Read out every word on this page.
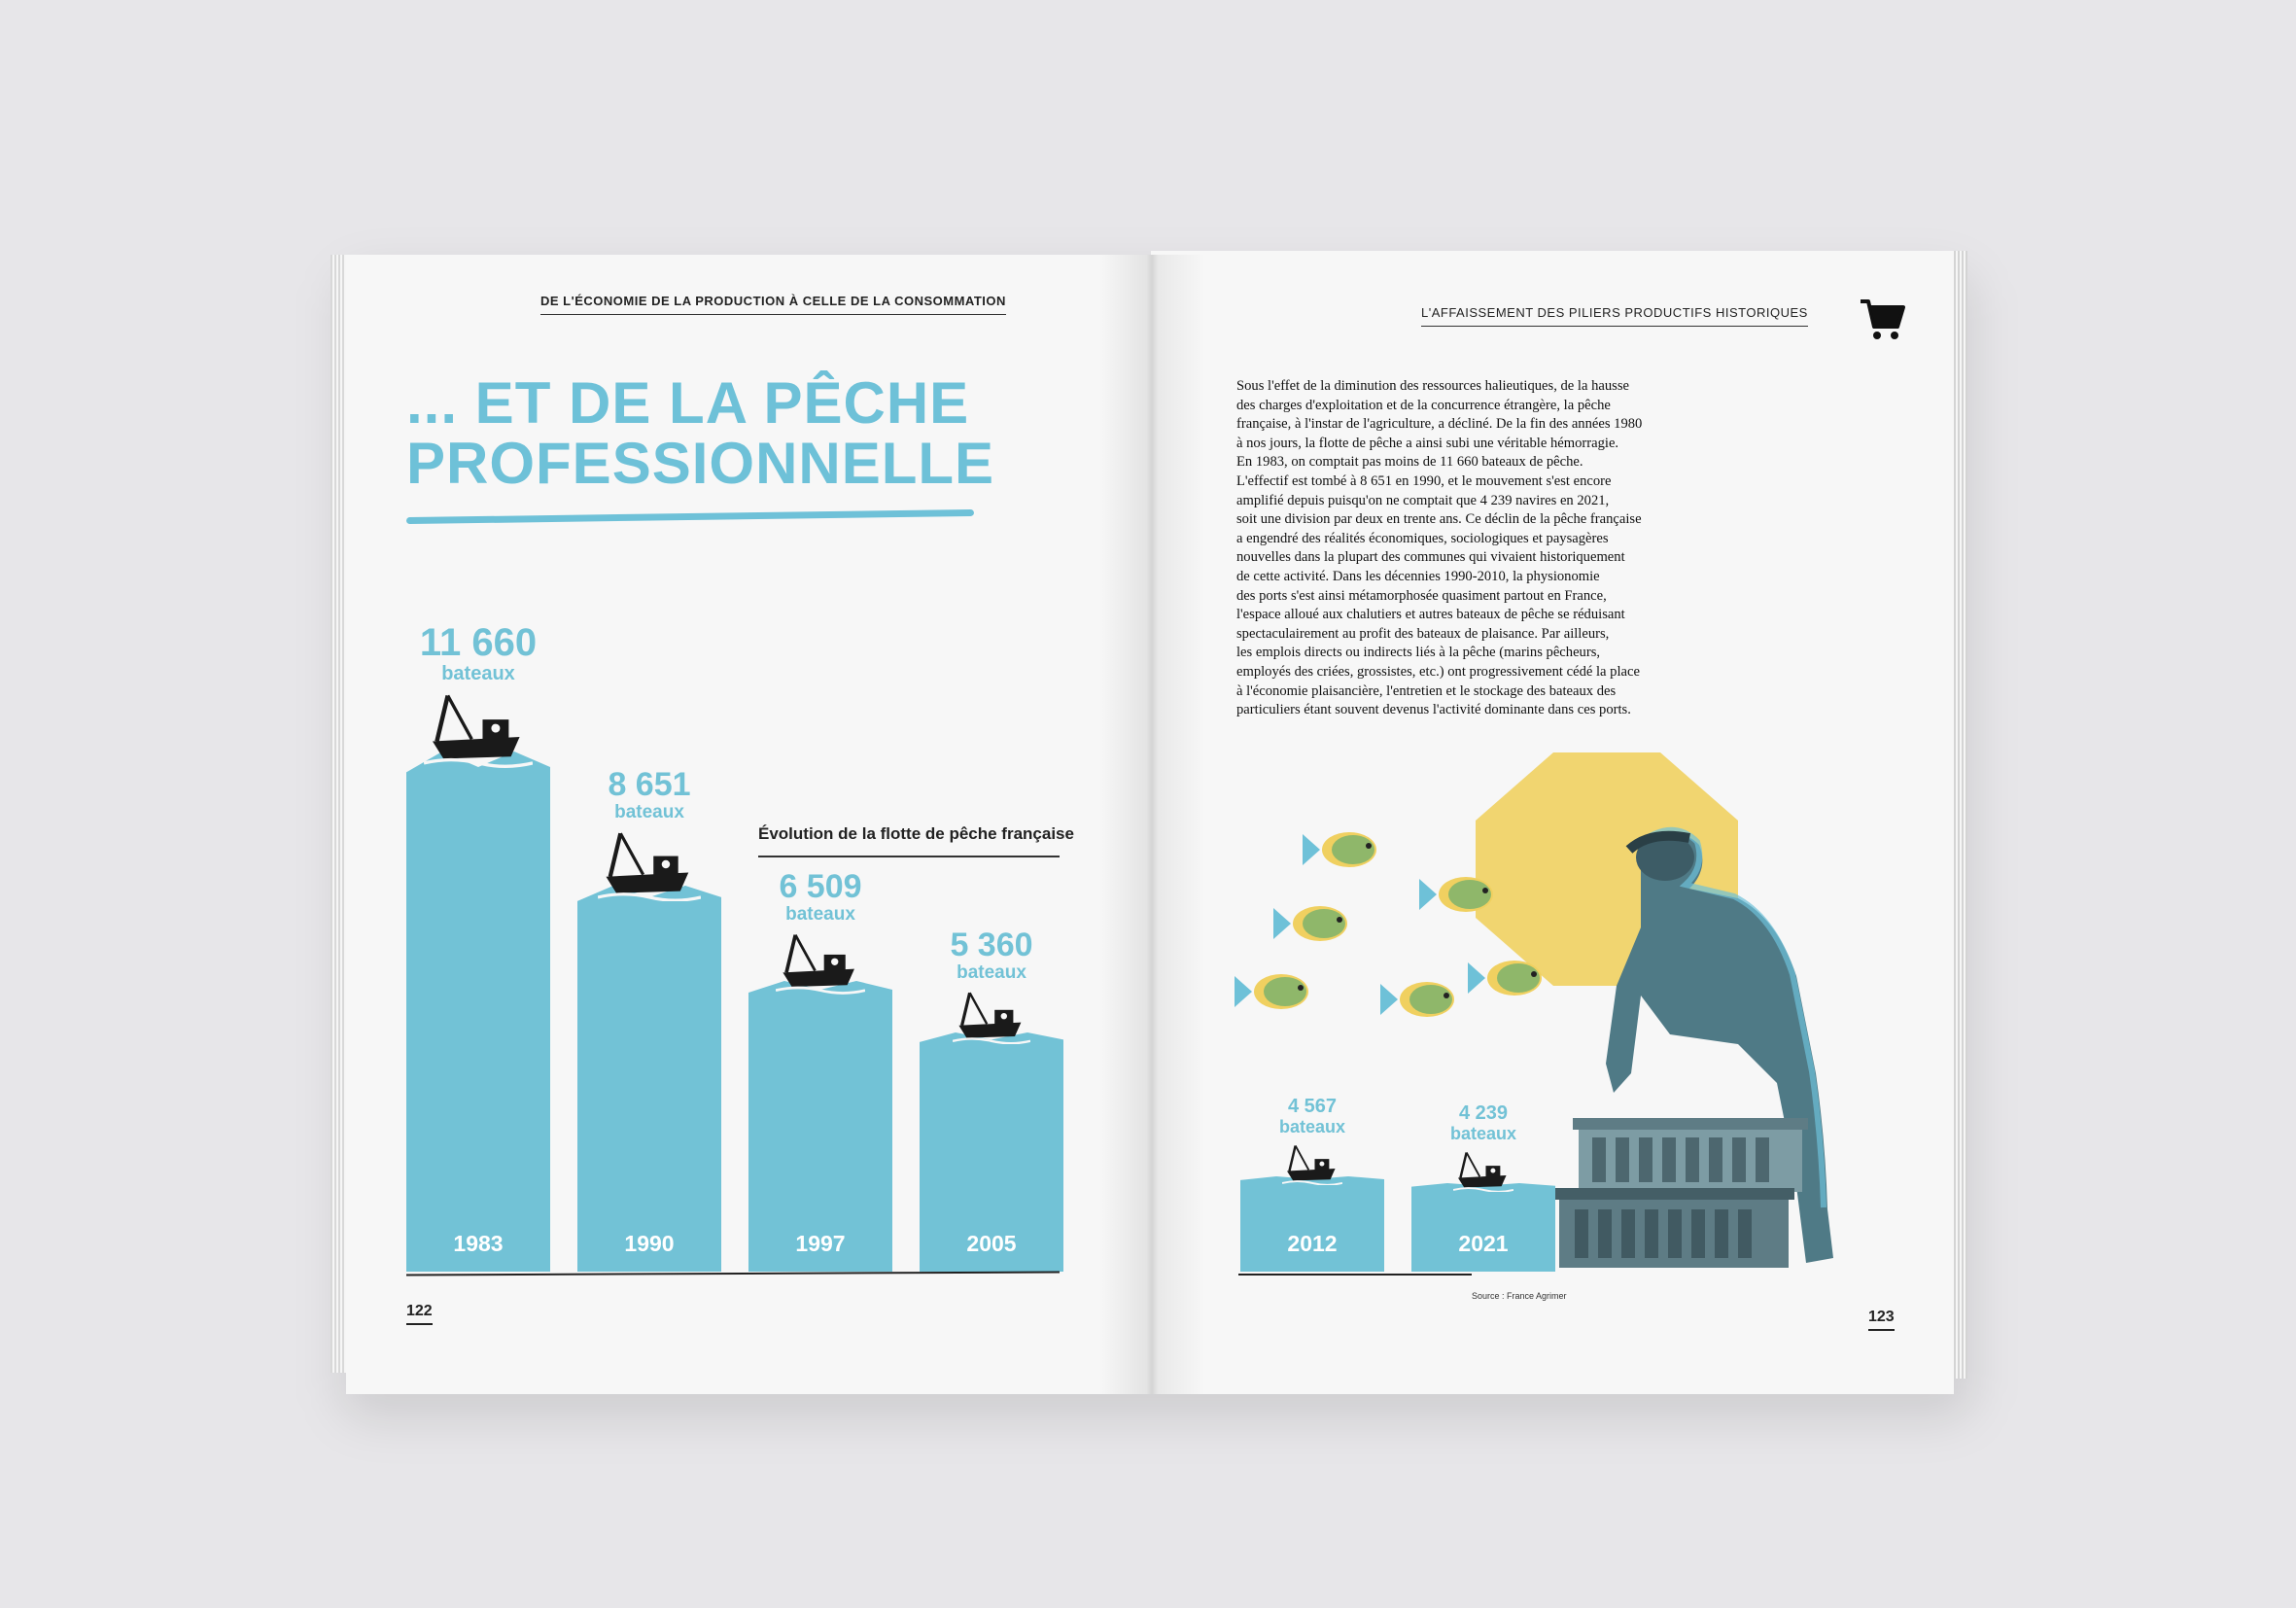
DE L'ÉCONOMIE DE LA PRODUCTION À CELLE DE LA CONSOMMATION
... ET DE LA PÊCHE
PROFESSIONNELLE
Évolution de la flotte de pêche française
bateaux
11 660
1983
bateaux
8 651
1990
bateaux
6 509
1997
bateaux
5 360
2005
122
L'AFFAISSEMENT DES PILIERS PRODUCTIFS HISTORIQUES

Sous l'effet de la diminution des ressources halieutiques, de la hausse
des charges d'exploitation et de la concurrence étrangère, la pêche
française, à l'instar de l'agriculture, a décliné. De la fin des années 1980
à nos jours, la flotte de pêche a ainsi subi une véritable hémorragie.
En 1983, on comptait pas moins de 11 660 bateaux de pêche.
L'effectif est tombé à 8 651 en 1990, et le mouvement s'est encore
amplifié depuis puisqu'on ne comptait que 4 239 navires en 2021,
soit une division par deux en trente ans. Ce déclin de la pêche française
a engendré des réalités économiques, sociologiques et paysagères
nouvelles dans la plupart des communes qui vivaient historiquement
de cette activité. Dans les décennies 1990-2010, la physionomie
des ports s'est ainsi métamorphosée quasiment partout en France,
l'espace alloué aux chalutiers et autres bateaux de pêche se réduisant
spectaculairement au profit des bateaux de plaisance. Par ailleurs,
les emplois directs ou indirects liés à la pêche (marins pêcheurs,
employés des criées, grossistes, etc.) ont progressivement cédé la place
à l'économie plaisancière, l'entretien et le stockage des bateaux des
particuliers étant souvent devenus l'activité dominante dans ces ports.

bateaux
4 567
2012
bateaux
4 239
2021
Source : France Agrimer
123
